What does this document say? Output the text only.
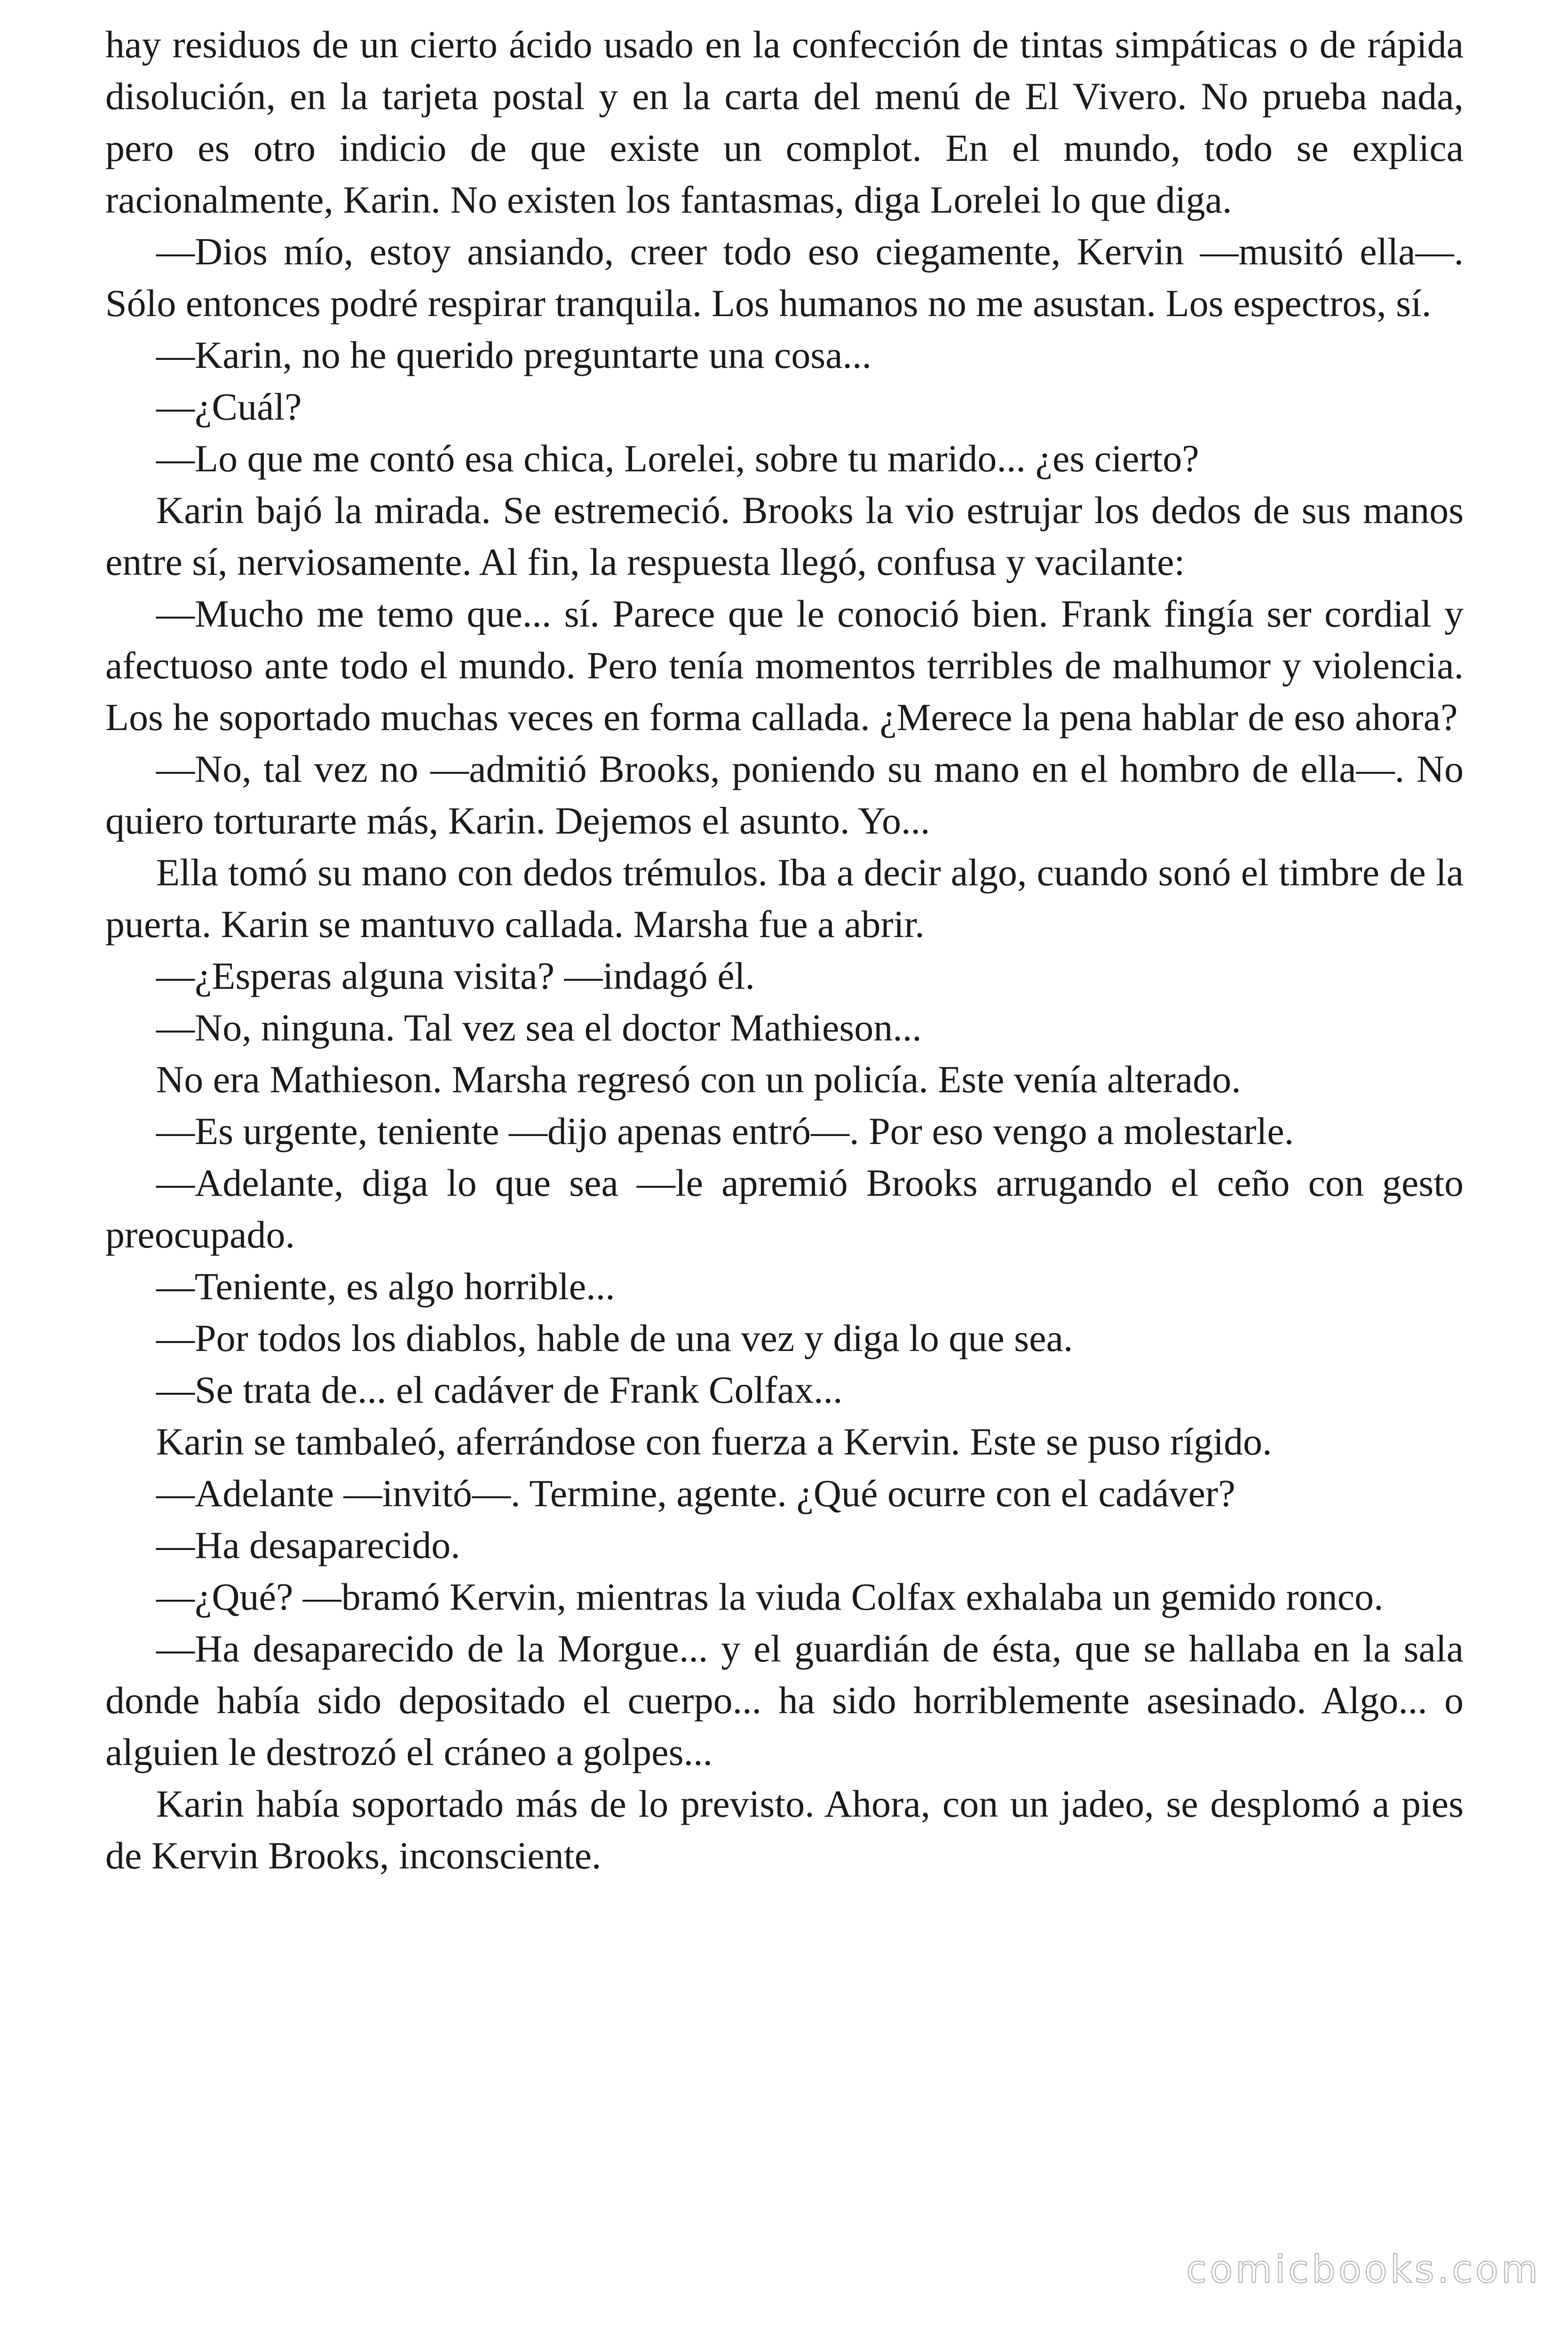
hay residuos de un cierto ácido usado en la confección de tintas simpáticas o de rápida disolución, en la tarjeta postal y en la carta del menú de El Vivero. No prueba nada, pero es otro indicio de que existe un complot. En el mundo, todo se explica racionalmente, Karin. No existen los fantasmas, diga Lorelei lo que diga.

—Dios mío, estoy ansiando, creer todo eso ciegamente, Kervin —musitó ella—. Sólo entonces podré respirar tranquila. Los humanos no me asustan. Los espectros, sí.

—Karin, no he querido preguntarte una cosa...

—¿Cuál?

—Lo que me contó esa chica, Lorelei, sobre tu marido... ¿es cierto?

Karin bajó la mirada. Se estremeció. Brooks la vio estrujar los dedos de sus manos entre sí, nerviosamente. Al fin, la respuesta llegó, confusa y vacilante:

—Mucho me temo que... sí. Parece que le conoció bien. Frank fingía ser cordial y afectuoso ante todo el mundo. Pero tenía momentos terribles de malhumor y violencia. Los he soportado muchas veces en forma callada. ¿Merece la pena hablar de eso ahora?

—No, tal vez no —admitió Brooks, poniendo su mano en el hombro de ella—. No quiero torturarte más, Karin. Dejemos el asunto. Yo...

Ella tomó su mano con dedos trémulos. Iba a decir algo, cuando sonó el timbre de la puerta. Karin se mantuvo callada. Marsha fue a abrir.

—¿Esperas alguna visita? —indagó él.

—No, ninguna. Tal vez sea el doctor Mathieson...

No era Mathieson. Marsha regresó con un policía. Este venía alterado.

—Es urgente, teniente —dijo apenas entró—. Por eso vengo a molestarle.

—Adelante, diga lo que sea —le apremió Brooks arrugando el ceño con gesto preocupado.

—Teniente, es algo horrible...

—Por todos los diablos, hable de una vez y diga lo que sea.

—Se trata de... el cadáver de Frank Colfax...

Karin se tambaleó, aferrándose con fuerza a Kervin. Este se puso rígido.

—Adelante —invitó—. Termine, agente. ¿Qué ocurre con el cadáver?

—Ha desaparecido.

—¿Qué? —bramó Kervin, mientras la viuda Colfax exhalaba un gemido ronco.

—Ha desaparecido de la Morgue... y el guardián de ésta, que se hallaba en la sala donde había sido depositado el cuerpo... ha sido horriblemente asesinado. Algo... o alguien le destrozó el cráneo a golpes...

Karin había soportado más de lo previsto. Ahora, con un jadeo, se desplomó a pies de Kervin Brooks, inconsciente.

comicbooks.com
